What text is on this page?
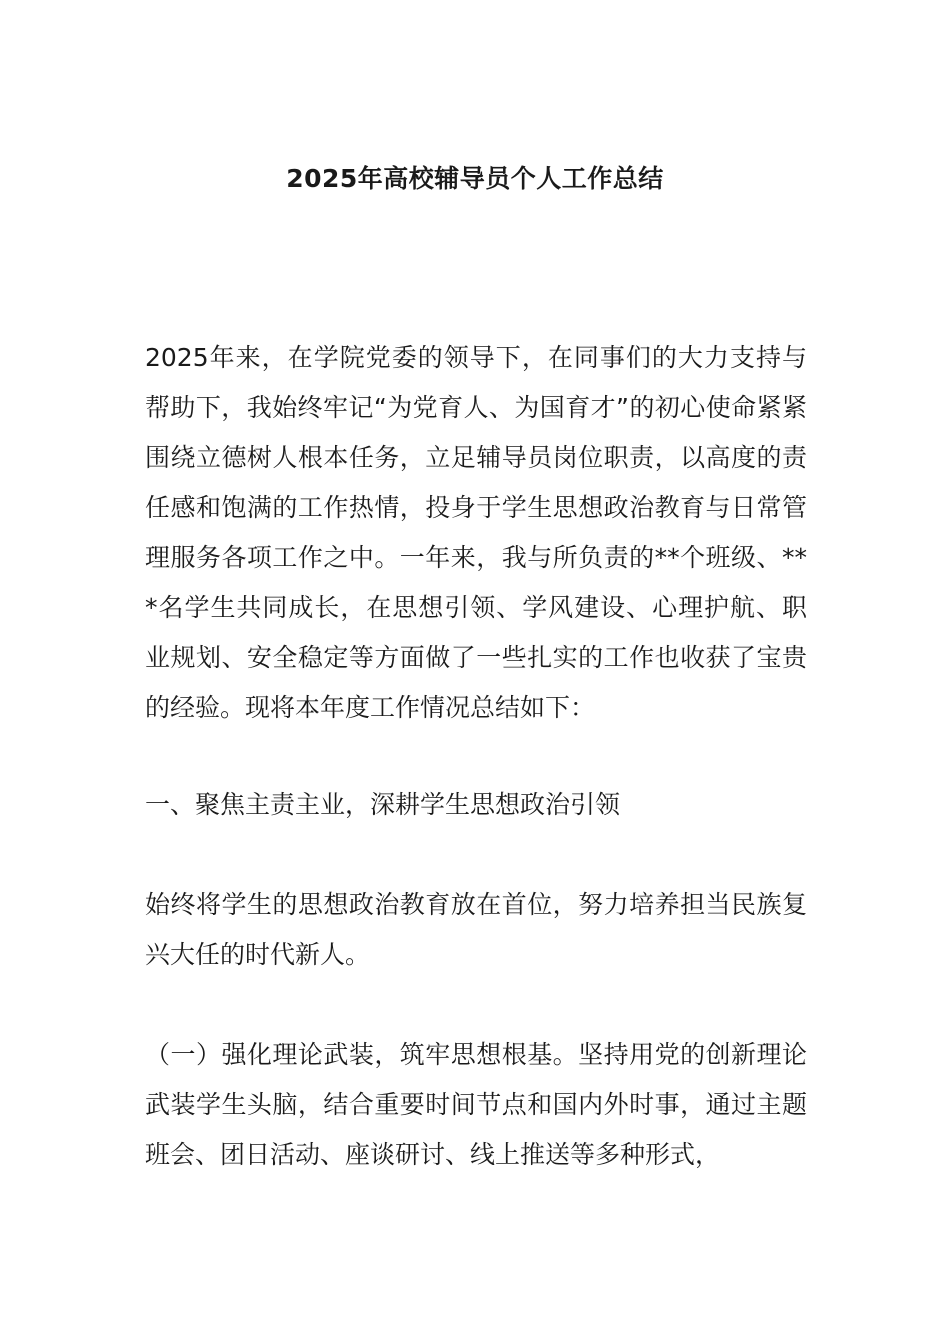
2025年高校辅导员个人工作总结

2025年来，在学院党委的领导下，在同事们的大力支持与帮助下，我始终牢记“为党育人、为国育才”的初心使命紧紧围绕立德树人根本任务，立足辅导员岗位职责，以高度的责任感和饱满的工作热情，投身于学生思想政治教育与日常管理服务各项工作之中。一年来，我与所负责的**个班级、***名学生共同成长，在思想引领、学风建设、心理护航、职业规划、安全稳定等方面做了一些扎实的工作也收获了宝贵的经验。现将本年度工作情况总结如下：

一、聚焦主责主业，深耕学生思想政治引领

始终将学生的思想政治教育放在首位，努力培养担当民族复兴大任的时代新人。

（一）强化理论武装，筑牢思想根基。坚持用党的创新理论武装学生头脑，结合重要时间节点和国内外时事，通过主题班会、团日活动、座谈研讨、线上推送等多种形式，
